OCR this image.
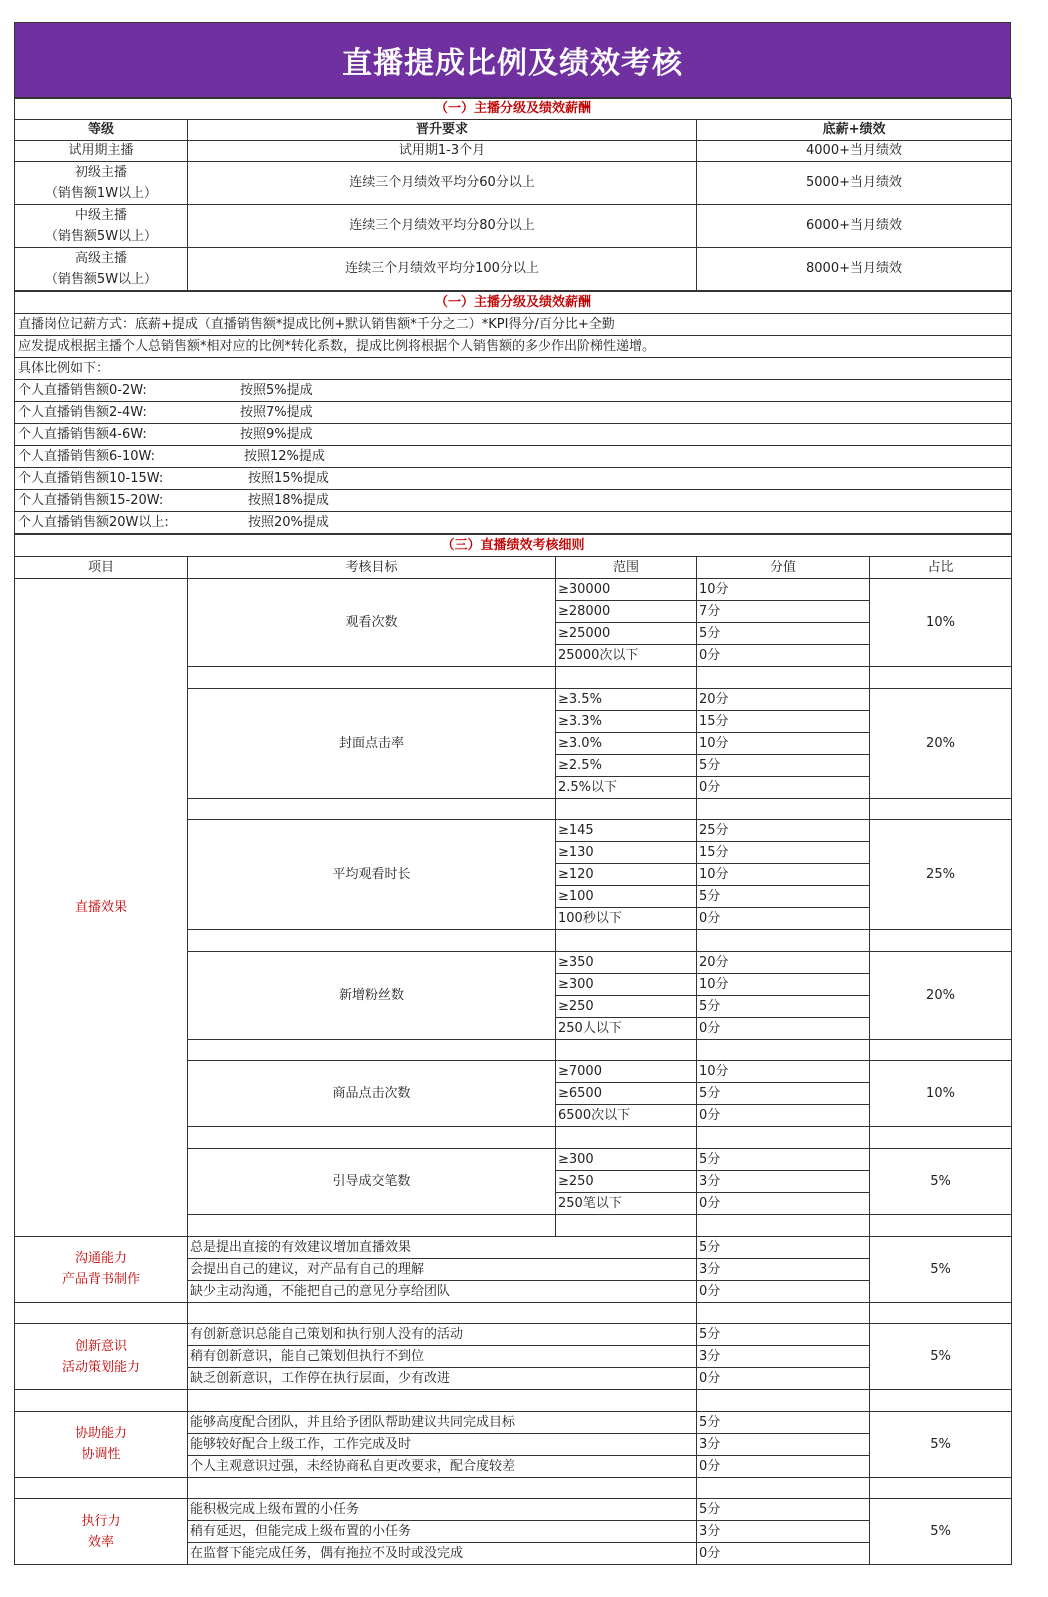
直播提成比例及绩效考核
（一）主播分级及绩效薪酬		
等级	晋升要求	底薪+绩效
试用期主播	试用期1-3个月	4000+当月绩效

初级主播
（销售额1W以上）	连续三个月绩效平均分60分以上	5000+当月绩效

中级主播
（销售额5W以上）	连续三个月绩效平均分80分以上	6000+当月绩效

高级主播
（销售额5W以上）	连续三个月绩效平均分100分以上	8000+当月绩效
（一）主播分级及绩效薪酬
直播岗位记薪方式：底薪+提成（直播销售额*提成比例+默认销售额*千分之二）*KPI得分/百分比+全勤
应发提成根据主播个人总销售额*相对应的比例*转化系数，提成比例将根据个人销售额的多少作出阶梯性递增。
具体比例如下：
个人直播销售额0-2W:	按照5%提成
个人直播销售额2-4W:	按照7%提成
个人直播销售额4-6W:	按照9%提成
个人直播销售额6-10W:	按照12%提成
个人直播销售额10-15W:	按照15%提成
个人直播销售额15-20W:	按照18%提成
个人直播销售额20W以上:	按照20%提成
（三）直播绩效考核细则				
项目	考核目标	范围	分值	占比
直播效果	观看次数	≥30000	10分	10%
		≥28000	7分	
		≥25000	5分	
		25000次以下	0分	

	封面点击率	≥3.5%	20分	20%
		≥3.3%	15分	
		≥3.0%	10分	
		≥2.5%	5分	
		2.5%以下	0分	

	平均观看时长	≥145	25分	25%
		≥130	15分	
		≥120	10分	
		≥100	5分	
		100秒以下	0分	

	新增粉丝数	≥350	20分	20%
		≥300	10分	
		≥250	5分	
		250人以下	0分	

	商品点击次数	≥7000	10分	10%
		≥6500	5分	
		6500次以下	0分	

	引导成交笔数	≥300	5分	5%
		≥250	3分	
		250笔以下	0分	

沟通能力
产品背书制作	总是提出直接的有效建议增加直播效果		5分	5%
	会提出自己的建议，对产品有自己的理解		3分	
	缺少主动沟通，不能把自己的意见分享给团队		0分	

创新意识
活动策划能力	有创新意识总能自己策划和执行别人没有的活动		5分	5%
	稍有创新意识，能自己策划但执行不到位		3分	
	缺乏创新意识，工作停在执行层面，少有改进		0分	

协助能力
协调性	能够高度配合团队，并且给予团队帮助建议共同完成目标		5分	5%
	能够较好配合上级工作，工作完成及时		3分	
	个人主观意识过强，未经协商私自更改要求，配合度较差		0分	

执行力
效率	能积极完成上级布置的小任务		5分	5%
	稍有延迟，但能完成上级布置的小任务		3分	
	在监督下能完成任务，偶有拖拉不及时或没完成		0分	
